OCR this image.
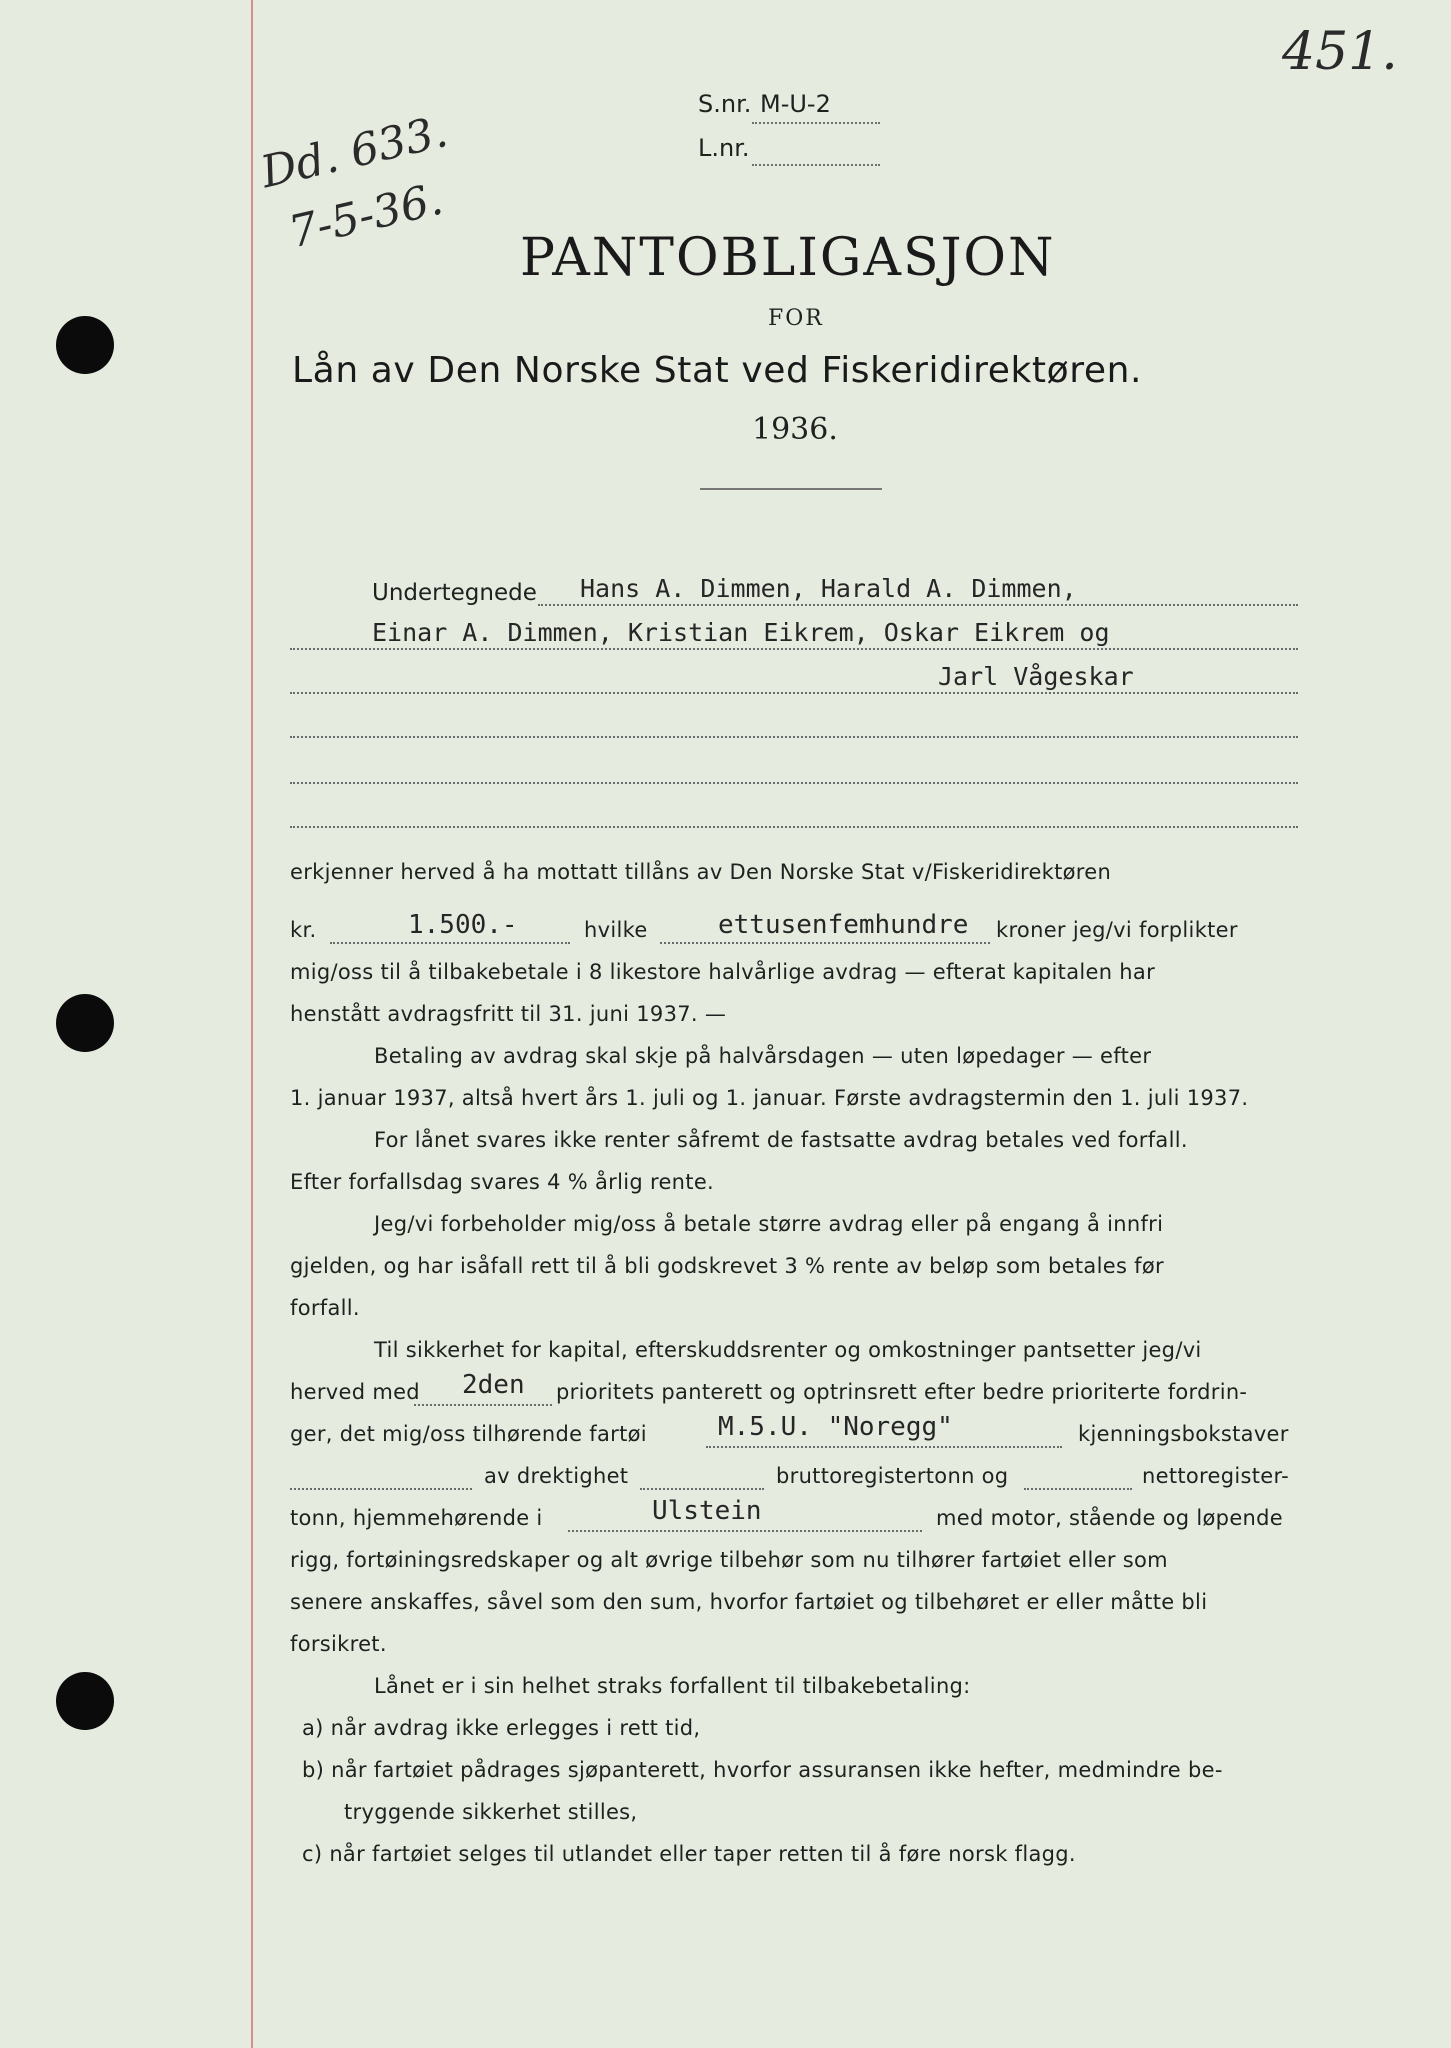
451.
Dd. 633.
7-5-36.
S.nr. M-U-2
L.nr.
PANTOBLIGASJON
FOR
Lån av Den Norske Stat ved Fiskeridirektøren.
1936.
Undertegnede Hans A. Dimmen, Harald A. Dimmen,
Einar A. Dimmen, Kristian Eikrem, Oskar Eikrem og
Jarl Vågeskar
erkjenner herved å ha mottatt tillåns av Den Norske Stat v/Fiskeridirektøren
kr.	1.500.-	hvilke	ettusenfemhundre kroner jeg/vi forplikter
mig/oss til å tilbakebetale i 8 likestore halvårlige avdrag — efterat kapitalen har
henstått avdragsfritt til 31. juni 1937. —
Betaling av avdrag skal skje på halvårsdagen — uten løpedager — efter
1. januar 1937, altså hvert års 1. juli og 1. januar. Første avdragstermin den 1. juli 1937.
For lånet svares ikke renter såfremt de fastsatte avdrag betales ved forfall.
Efter forfallsdag svares 4 % årlig rente.
Jeg/vi forbeholder mig/oss å betale større avdrag eller på engang å innfri
gjelden, og har isåfall rett til å bli godskrevet 3 % rente av beløp som betales før
forfall.
Til sikkerhet for kapital, efterskuddsrenter og omkostninger pantsetter jeg/vi
herved med 2den prioritets panterett og optrinsrett efter bedre prioriterte fordrin-
ger, det mig/oss tilhørende fartøi	M.5.U. "Noregg"	kjenningsbokstaver
av drektighet	bruttoregistertonn og	nettoregister-
tonn, hjemmehørende i	Ulstein	med motor, stående og løpende
rigg, fortøiningsredskaper og alt øvrige tilbehør som nu tilhører fartøiet eller som
senere anskaffes, såvel som den sum, hvorfor fartøiet og tilbehøret er eller måtte bli
forsikret.
Lånet er i sin helhet straks forfallent til tilbakebetaling:
a) når avdrag ikke erlegges i rett tid,
b) når fartøiet pådrages sjøpanterett, hvorfor assuransen ikke hefter, medmindre be-
tryggende sikkerhet stilles,
c) når fartøiet selges til utlandet eller taper retten til å føre norsk flagg.
